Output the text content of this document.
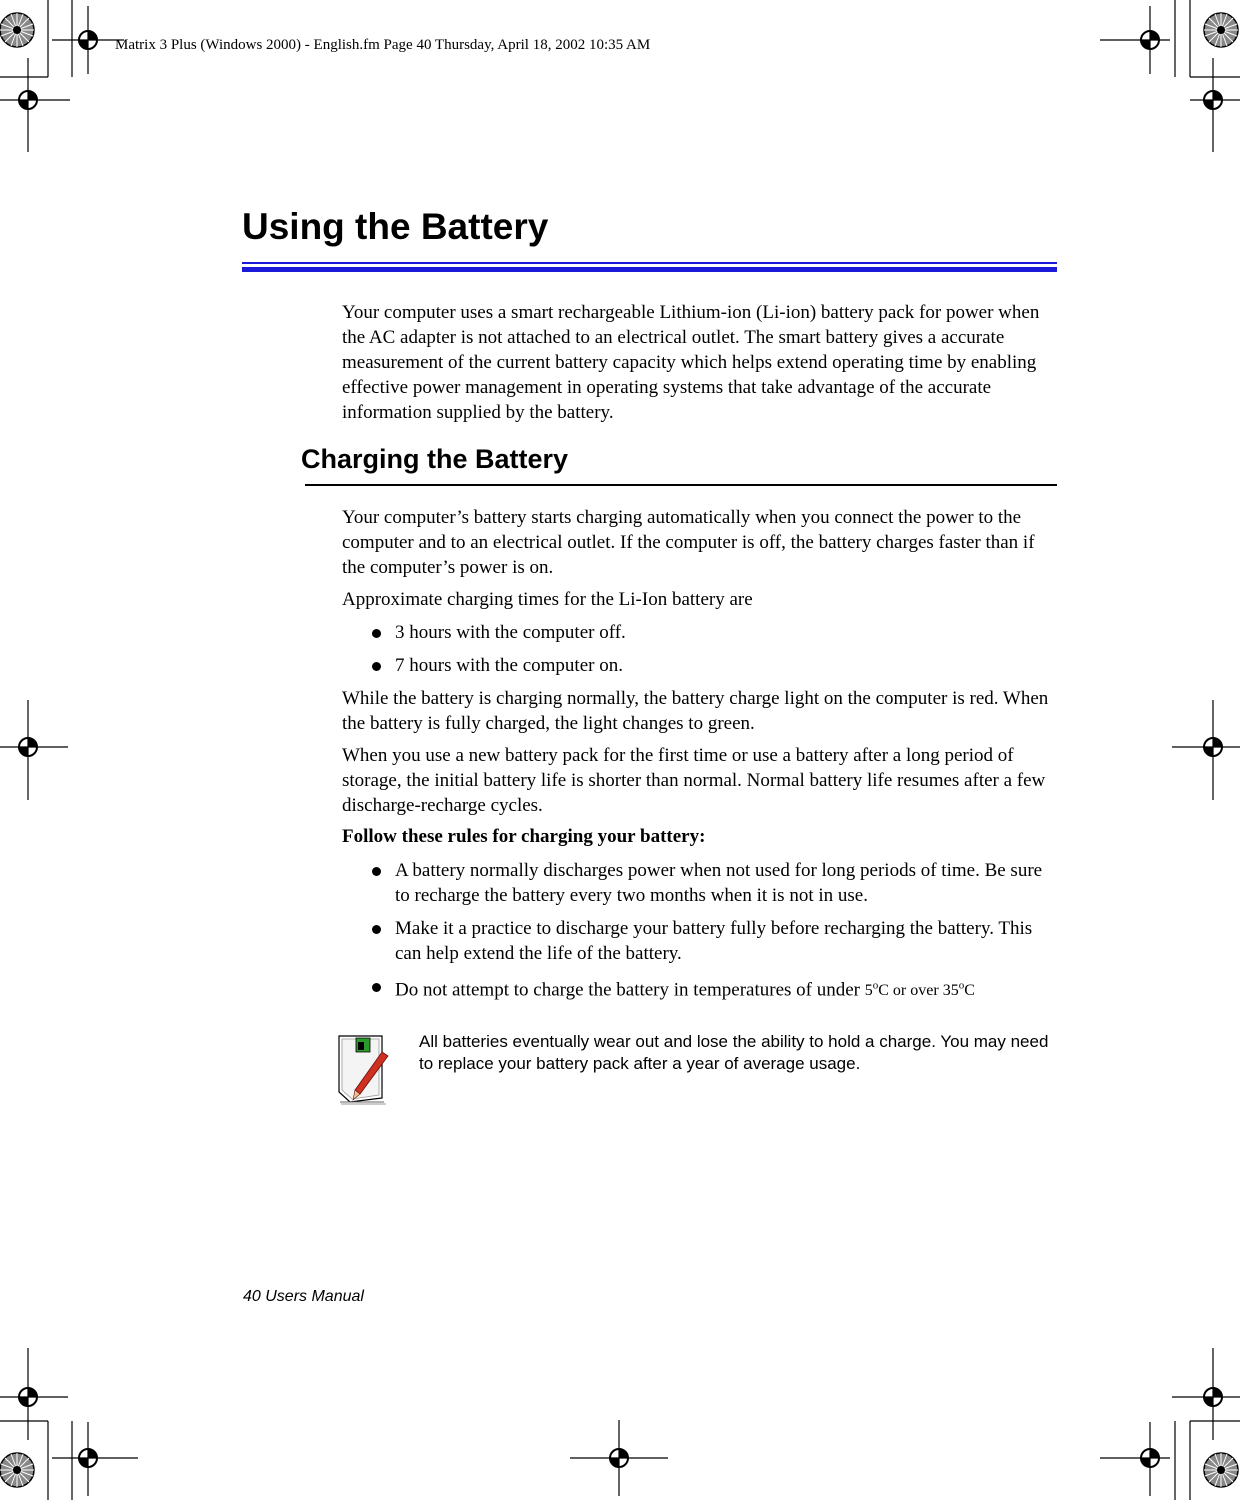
Matrix 3 Plus (Windows 2000) - English.fm Page 40 Thursday, April 18, 2002 10:35 AM
Using the Battery

Your computer uses a smart rechargeable Lithium-ion (Li-ion) battery pack for power when the AC adapter is not attached to an electrical outlet. The smart battery gives a accurate measurement of the current battery capacity which helps extend operating time by enabling effective power management in operating systems that take advantage of the accurate information supplied by the battery.

Charging the Battery

Your computer’s battery starts charging automatically when you connect the power to the computer and to an electrical outlet. If the computer is off, the battery charges faster than if the computer’s power is on.

Approximate charging times for the Li-Ion battery are

3 hours with the computer off.
7 hours with the computer on.

While the battery is charging normally, the battery charge light on the computer is red. When the battery is fully charged, the light changes to green.

When you use a new battery pack for the first time or use a battery after a long period of storage, the initial battery life is shorter than normal. Normal battery life resumes after a few discharge-recharge cycles.

Follow these rules for charging your battery:
A battery normally discharges power when not used for long periods of time. Be sure to recharge the battery every two months when it is not in use.
Make it a practice to discharge your battery fully before recharging the battery. This can help extend the life of the battery.
Do not attempt to charge the battery in temperatures of under 5$^o$C or over 35$^o$C
All batteries eventually wear out and lose the ability to hold a charge. You may need to replace your battery pack after a year of average usage.
40 Users Manual
